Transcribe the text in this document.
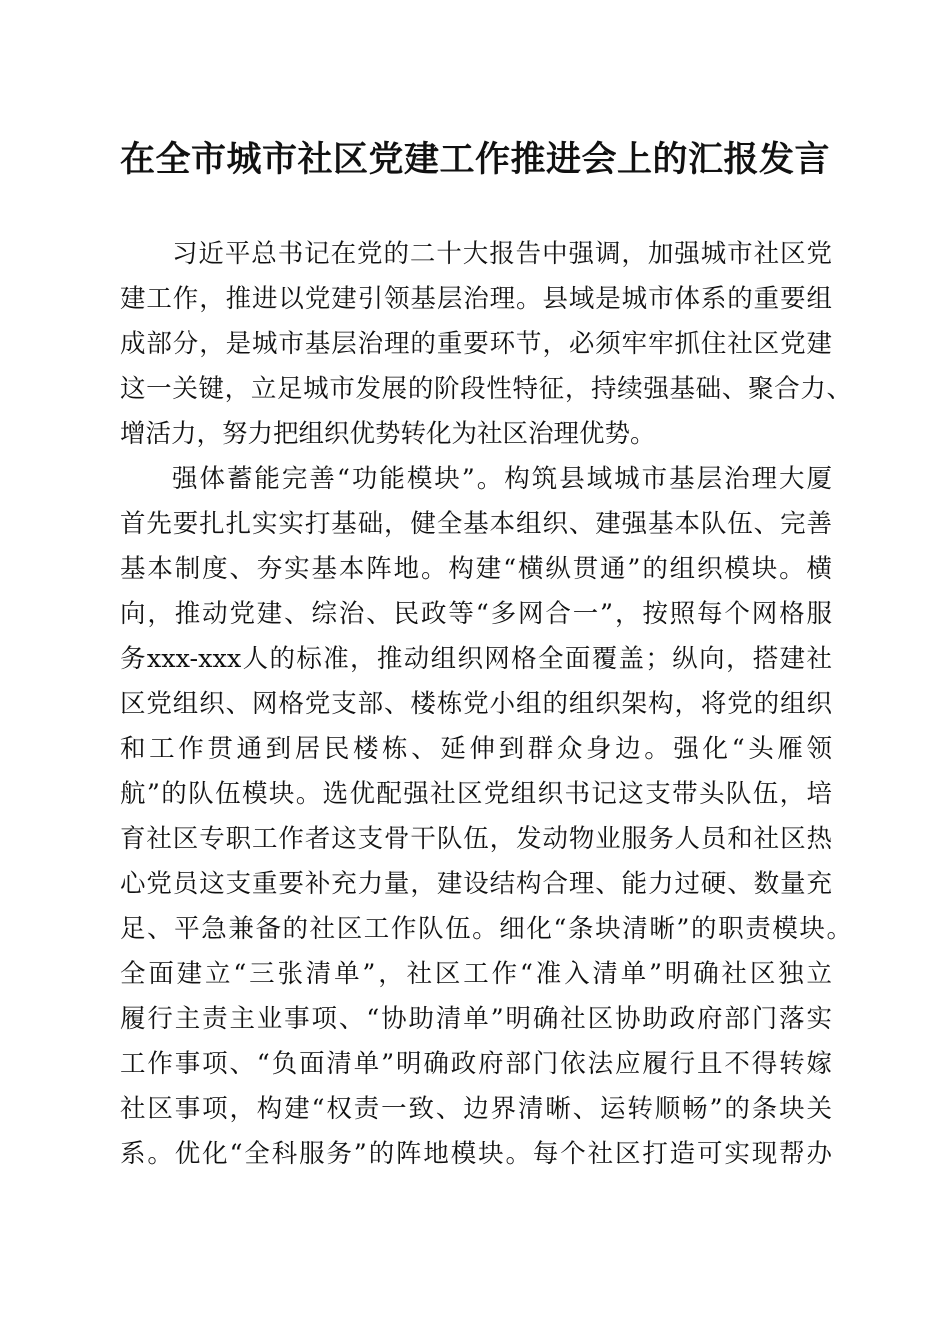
在全市城市社区党建工作推进会上的汇报发言

习近平总书记在党的二十大报告中强调，加强城市社区党

建工作，推进以党建引领基层治理。县域是城市体系的重要组

成部分，是城市基层治理的重要环节，必须牢牢抓住社区党建

这一关键，立足城市发展的阶段性特征，持续强基础、聚合力、

增活力，努力把组织优势转化为社区治理优势。

强体蓄能完善“功能模块”。构筑县域城市基层治理大厦

首先要扎扎实实打基础，健全基本组织、建强基本队伍、完善

基本制度、夯实基本阵地。构建“横纵贯通”的组织模块。横

向，推动党建、综治、民政等“多网合一”，按照每个网格服

务xxx-xxx人的标准，推动组织网格全面覆盖；纵向，搭建社

区党组织、网格党支部、楼栋党小组的组织架构，将党的组织

和工作贯通到居民楼栋、延伸到群众身边。强化“头雁领

航”的队伍模块。选优配强社区党组织书记这支带头队伍，培

育社区专职工作者这支骨干队伍，发动物业服务人员和社区热

心党员这支重要补充力量，建设结构合理、能力过硬、数量充

足、平急兼备的社区工作队伍。细化“条块清晰”的职责模块。

全面建立“三张清单”，社区工作“准入清单”明确社区独立

履行主责主业事项、“协助清单”明确社区协助政府部门落实

工作事项、“负面清单”明确政府部门依法应履行且不得转嫁

社区事项，构建“权责一致、边界清晰、运转顺畅”的条块关

系。优化“全科服务”的阵地模块。每个社区打造可实现帮办
